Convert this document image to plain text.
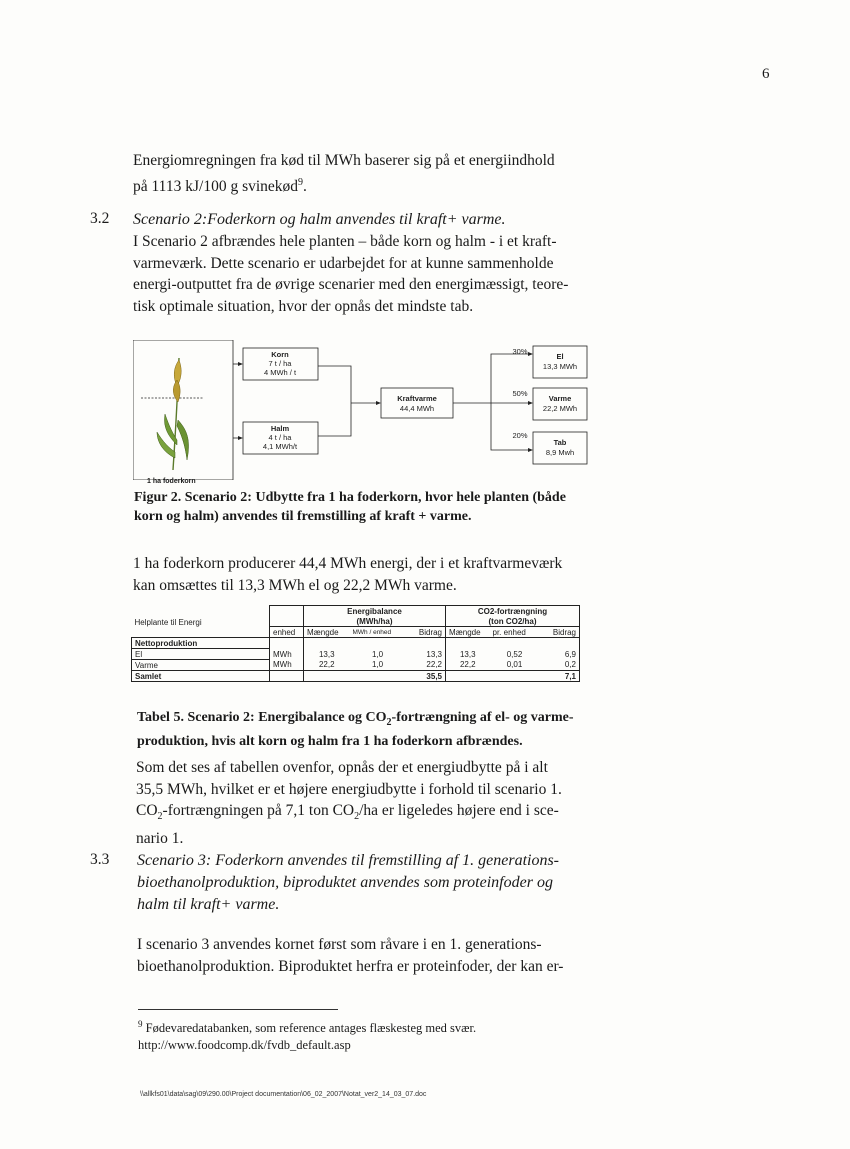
6
Energiomregningen fra kød til MWh baserer sig på et energiindhold
på 1113 kJ/100 g svinekød$^9$.
3.2 Scenario 2:Foderkorn og halm anvendes til kraft+ varme.
I Scenario 2 afbrændes hele planten – både korn og halm - i et kraft-
varmeværk. Dette scenario er udarbejdet for at kunne sammenholde
energi-outputtet fra de øvrige scenarier med den energimæssigt, teore-
tisk optimale situation, hvor der opnås det mindste tab.
Korn
7 t / ha
4 MWh / t
Halm
4 t / ha
4,1 MWh/t
Kraftvarme
44,4 MWh
El
13,3 MWh
Varme
22,2 MWh
Tab
8,9 Mwh
30%
50%
20%
1 ha foderkorn
Figur 2. Scenario 2: Udbytte fra 1 ha foderkorn, hvor hele planten (både
korn og halm) anvendes til fremstilling af kraft + varme.
1 ha foderkorn producerer 44,4 MWh energi, der i et kraftvarmeværk
kan omsættes til 13,3 MWh el og 22,2 MWh varme.
Helplante til Energi		Energibalance			CO2-fortrængning		
		(MWh/ha)			(ton CO2/ha)		
	enhed	Mængde	MWh / enhed	Bidrag	Mængde	pr. enhed	Bidrag
Nettoproduktion							
El	MWh	13,3	1,0	13,3	13,3	0,52	6,9
Varme	MWh	22,2	1,0	22,2	22,2	0,01	0,2
Samlet				35,5			7,1
Tabel 5. Scenario 2: Energibalance og $CO_2$-fortrængning af el- og varme-
produktion, hvis alt korn og halm fra 1 ha foderkorn afbrændes.
Som det ses af tabellen ovenfor, opnås der et energiudbytte på i alt
35,5 MWh, hvilket er et højere energiudbytte i forhold til scenario 1.
$CO_2$-fortrængningen på 7,1 ton $CO_2/ha$ er ligeledes højere end i sce-
nario 1.
3.3 Scenario 3: Foderkorn anvendes til fremstilling af 1. generations-
bioethanolproduktion, biproduktet anvendes som proteinfoder og
halm til kraft+ varme.
I scenario 3 anvendes kornet først som råvare i en 1. generations-
bioethanolproduktion. Biproduktet herfra er proteinfoder, der kan er-
$^9$ Fødevaredatabanken, som reference antages flæskesteg med svær.
http://www.foodcomp.dk/fvdb_default.asp
\\allkfs01\data\sag\09\290.00\Project documentation\06_02_2007\Notat_ver2_14_03_07.doc
